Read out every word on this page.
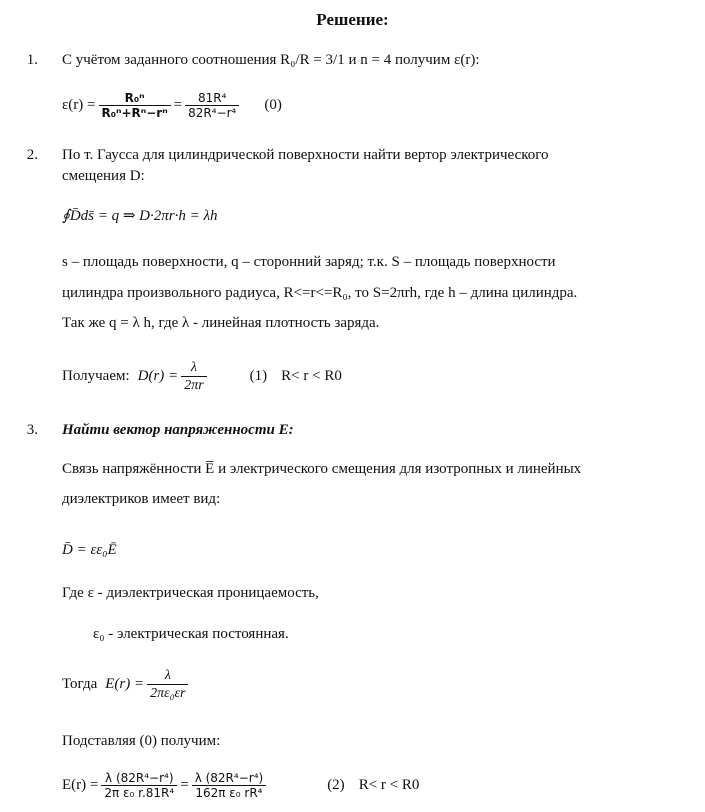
Решение:
1. С учётом заданного соотношения R₀/R = 3/1 и n = 4 получим ε(r):
$\varepsilon(r) = \frac{\text{R₀ⁿ}}{\text{R₀ⁿ+Rⁿ−rⁿ}} = \frac{\text{81R⁴}}{\text{82R⁴−r⁴}} (0)$
2. По т. Гаусса для цилиндрической поверхности найти вертор электрического
смещения D:
∮D̄ds̄ = q ⇒ D·2πr·h = λh
s – площадь поверхности, q – сторонний заряд; т.к. S – площадь поверхности
цилиндра произвольного радиуса, R<=r<=R₀, то S=2πrh, где h – длина цилиндра.
Так же q = λ h, где λ - линейная плотность заряда.
Получаем: $D(r) = \frac{\lambda}{2\pi r}$	(1) R< r < R0
3. Найти вектор напряженности E:
Связь напряжённости E̅ и электрического смещения для изотропных и линейных
диэлектриков имеет вид:
D̄ = εε₀Ē
Где ε - диэлектрическая проницаемость,
ε₀ - электрическая постоянная.
Тогда $E(r) = \frac{\lambda}{\text{2πε₀εr}}$
Подставляя (0) получим:
$E(r) = \frac{\text{λ (82R⁴−r⁴)}}{\text{2π ε₀ r.81R⁴}} = \frac{\text{λ (82R⁴−r⁴)}}{\text{162π ε₀ rR⁴}}$	(2) R< r < R0
